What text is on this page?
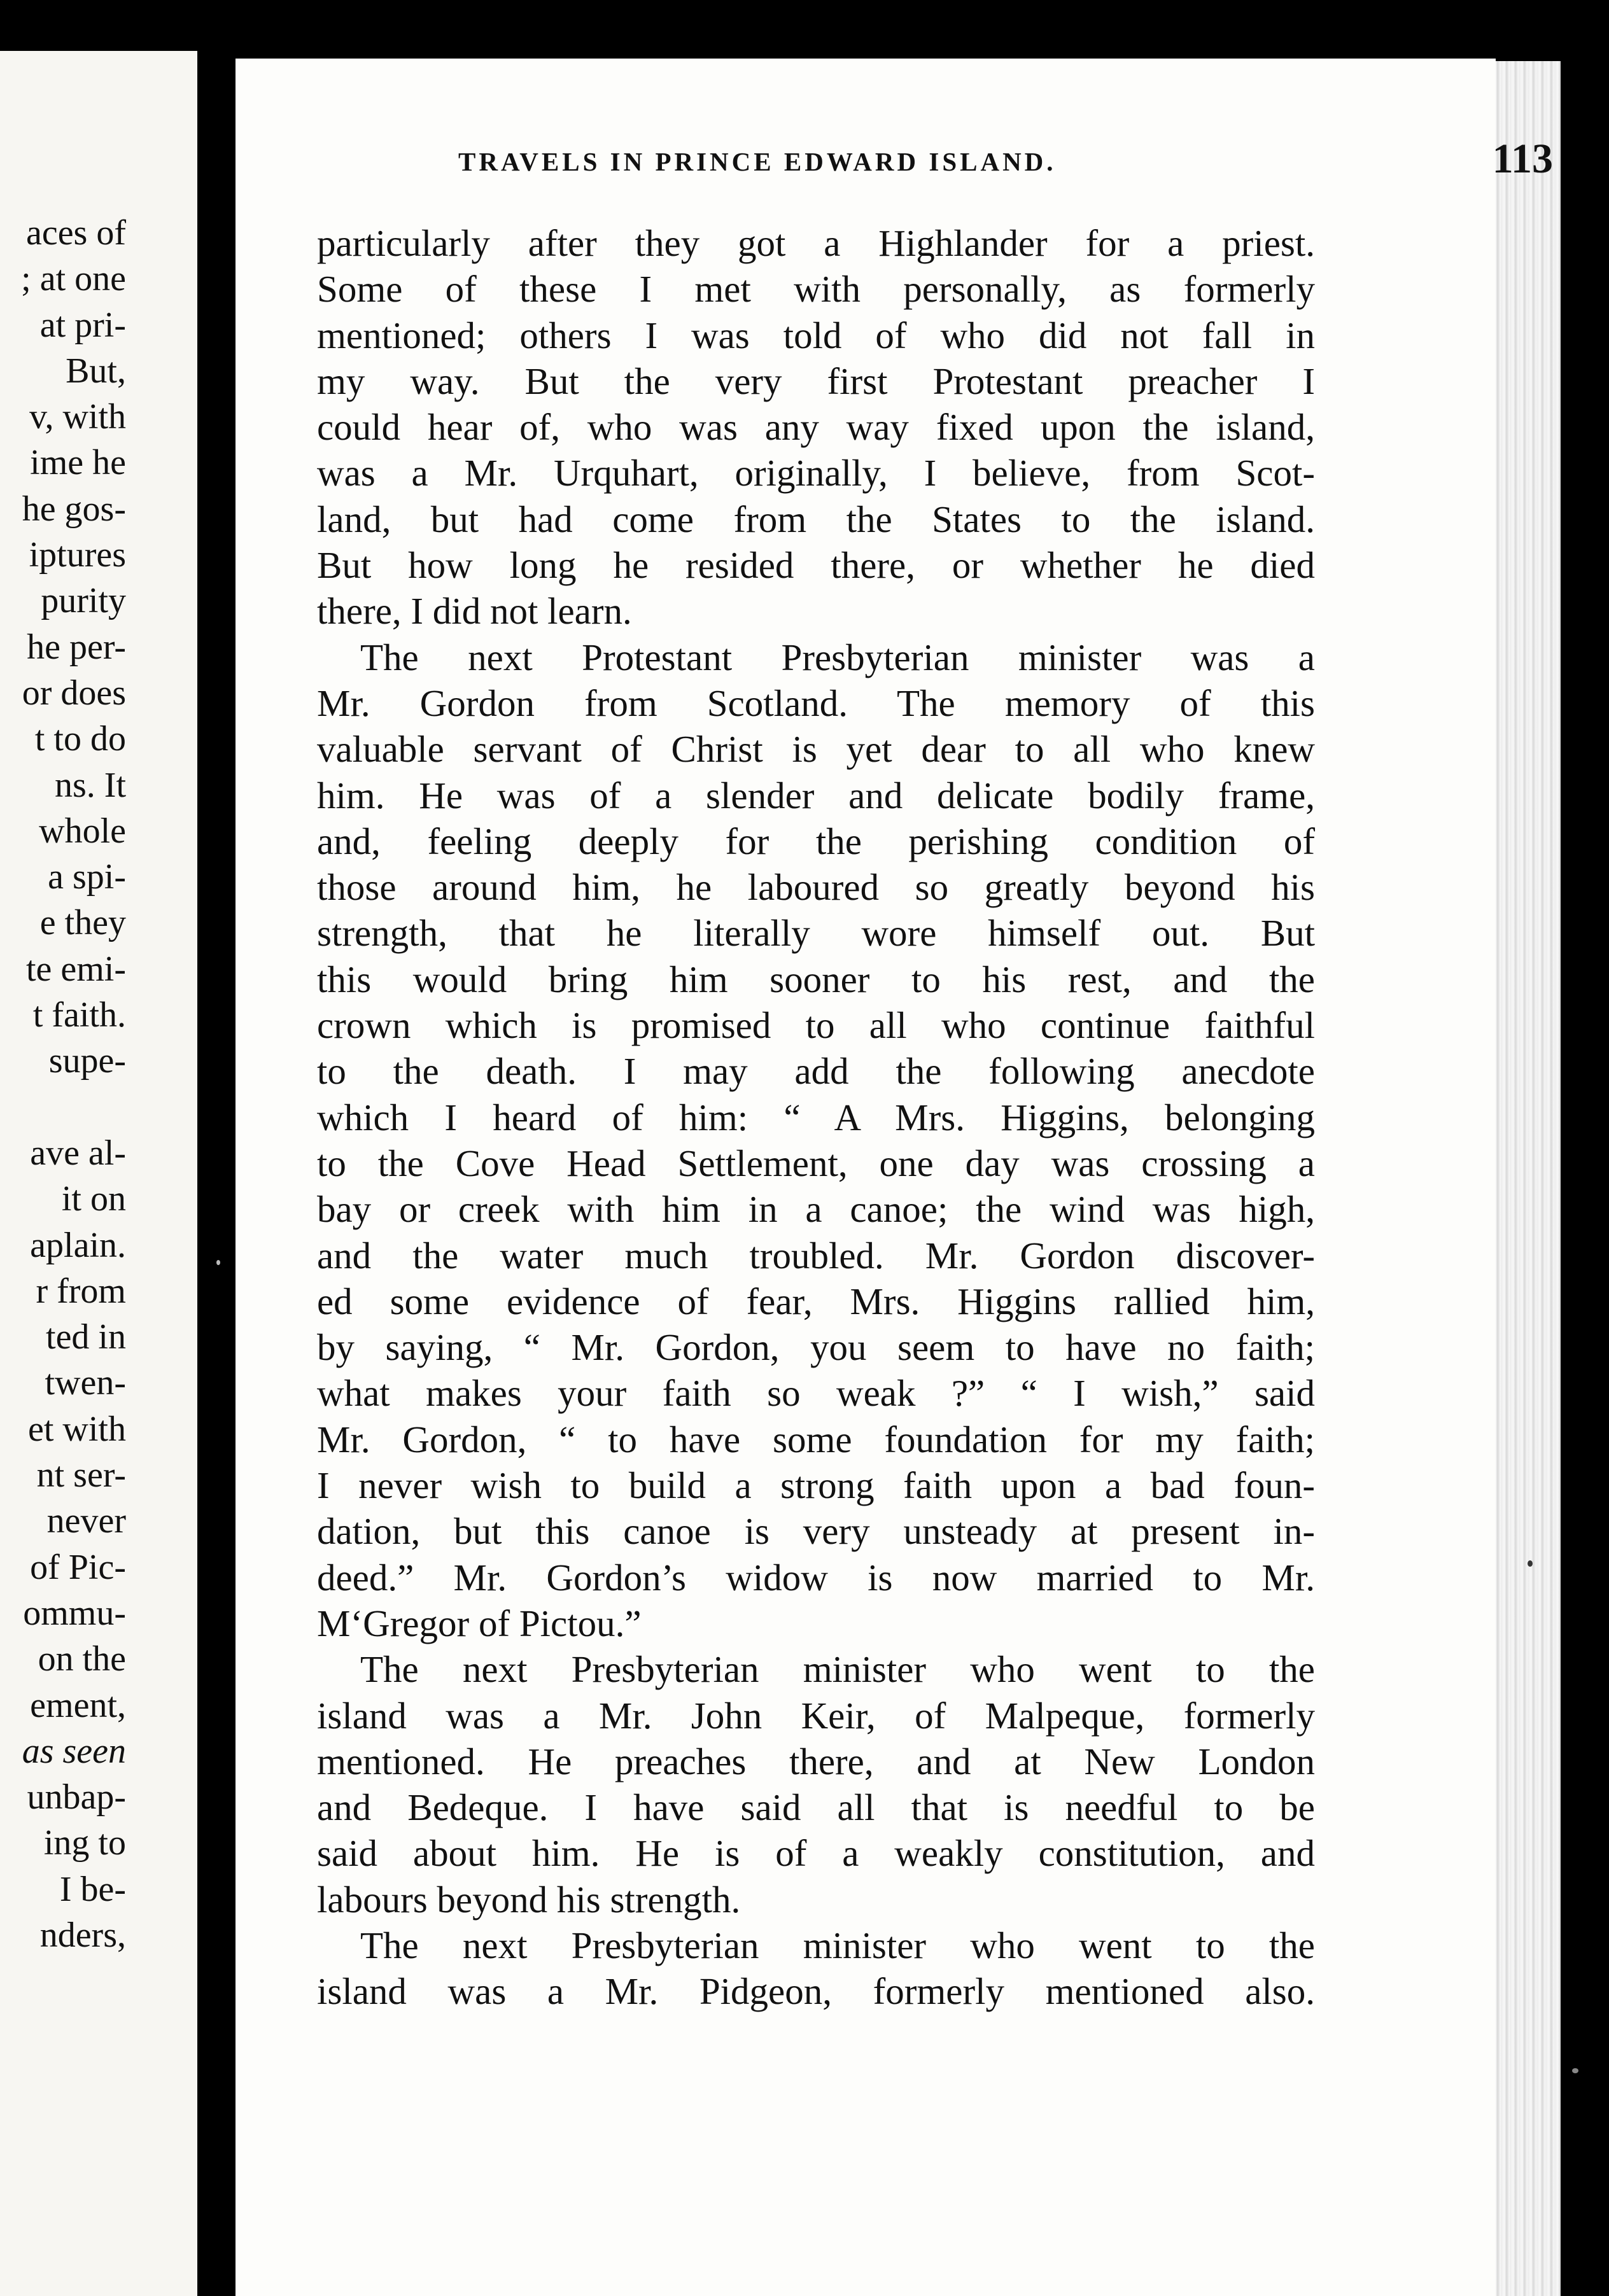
aces of
; at one
at pri-
But,
v, with
ime he
he gos-
iptures
purity
he per-
or does
t to do
ns. It
whole
a spi-
e they
te emi-
t faith.
supe-
ave al-
it on
aplain.
r from
ted in
twen-
et with
nt ser-
never
of Pic-
ommu-
on the
ement,
as seen
unbap-
ing to
I be-
nders,
TRAVELS IN PRINCE EDWARD ISLAND.	113
particularly after they got a Highlander for a priest.
Some of these I met with personally, as formerly
mentioned; others I was told of who did not fall in
my way. But the very first Protestant preacher I
could hear of, who was any way fixed upon the island,
was a Mr. Urquhart, originally, I believe, from Scot-
land, but had come from the States to the island.
But how long he resided there, or whether he died
there, I did not learn.
The next Protestant Presbyterian minister was a
Mr. Gordon from Scotland. The memory of this
valuable servant of Christ is yet dear to all who knew
him. He was of a slender and delicate bodily frame,
and, feeling deeply for the perishing condition of
those around him, he laboured so greatly beyond his
strength, that he literally wore himself out. But
this would bring him sooner to his rest, and the
crown which is promised to all who continue faithful
to the death. I may add the following anecdote
which I heard of him: “ A Mrs. Higgins, belonging
to the Cove Head Settlement, one day was crossing a
bay or creek with him in a canoe; the wind was high,
and the water much troubled. Mr. Gordon discover-
ed some evidence of fear, Mrs. Higgins rallied him,
by saying, “ Mr. Gordon, you seem to have no faith;
what makes your faith so weak ?” “ I wish,” said
Mr. Gordon, “ to have some foundation for my faith;
I never wish to build a strong faith upon a bad foun-
dation, but this canoe is very unsteady at present in-
deed.” Mr. Gordon’s widow is now married to Mr.
M‘Gregor of Pictou.”
The next Presbyterian minister who went to the
island was a Mr. John Keir, of Malpeque, formerly
mentioned. He preaches there, and at New London
and Bedeque. I have said all that is needful to be
said about him. He is of a weakly constitution, and
labours beyond his strength.
The next Presbyterian minister who went to the
island was a Mr. Pidgeon, formerly mentioned also.
